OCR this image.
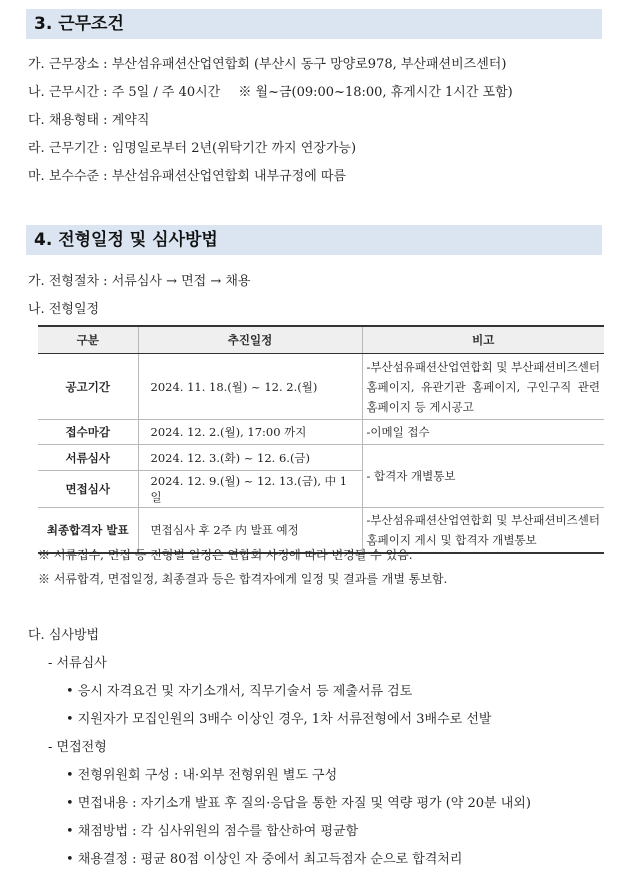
3. 근무조건
가. 근무장소 : 부산섬유패션산업연합회 (부산시 동구 망양로978, 부산패션비즈센터)
나. 근무시간 : 주 5일 / 주 40시간 ※ 월~금(09:00~18:00, 휴게시간 1시간 포함)
다. 채용형태 : 계약직
라. 근무기간 : 임명일로부터 2년(위탁기간 까지 연장가능)
마. 보수수준 : 부산섬유패션산업연합회 내부규정에 따름
4. 전형일정 및 심사방법
가. 전형절차 : 서류심사 → 면접 → 채용
나. 전형일정
구분	추진일정	비고
공고기간	2024. 11. 18.(월) ~ 12. 2.(월)	-부산섬유패션산업연합회 및 부산패션비즈센터 홈페이지, 유관기관 홈페이지, 구인구직 관련 홈페이지 등 게시공고
접수마감	2024. 12. 2.(월), 17:00 까지	-이메일 접수
서류심사	2024. 12. 3.(화) ~ 12. 6.(금)	- 합격자 개별통보
면접심사	2024. 12. 9.(월) ~ 12. 13.(금), 中 1일	
최종합격자 발표	면접심사 후 2주 内 발표 예정	-부산섬유패션산업연합회 및 부산패션비즈센터 홈페이지 게시 및 합격자 개별통보
※ 서류접수, 면접 등 전형별 일정은 연합회 사정에 따라 변경될 수 있음.
※ 서류합격, 면접일정, 최종결과 등은 합격자에게 일정 및 결과를 개별 통보함.
다. 심사방법
- 서류심사
• 응시 자격요건 및 자기소개서, 직무기술서 등 제출서류 검토
• 지원자가 모집인원의 3배수 이상인 경우, 1차 서류전형에서 3배수로 선발
- 면접전형
• 전형위원회 구성 : 내·외부 전형위원 별도 구성
• 면접내용 : 자기소개 발표 후 질의·응답을 통한 자질 및 역량 평가 (약 20분 내외)
• 채점방법 : 각 심사위원의 점수를 합산하여 평균함
• 채용결정 : 평균 80점 이상인 자 중에서 최고득점자 순으로 합격처리
